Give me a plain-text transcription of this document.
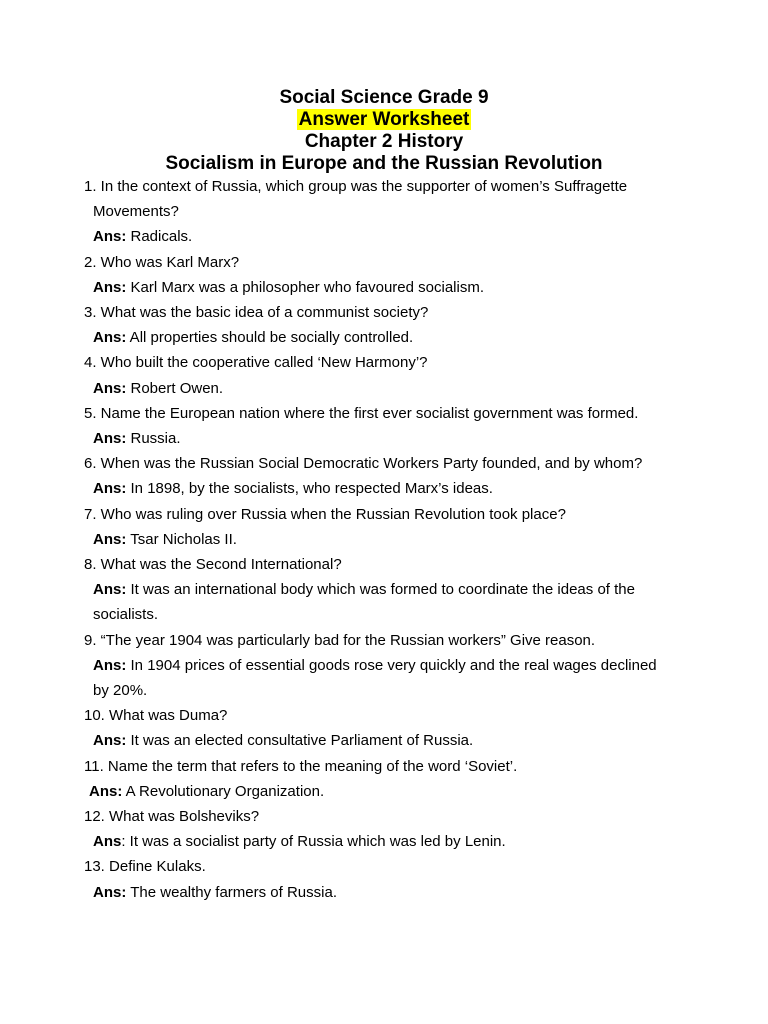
Social Science Grade 9
Answer Worksheet
Chapter 2 History
Socialism in Europe and the Russian Revolution
1. In the context of Russia, which group was the supporter of women’s Suffragette
Movements?
Ans: Radicals.
2. Who was Karl Marx?
Ans: Karl Marx was a philosopher who favoured socialism.
3. What was the basic idea of a communist society?
Ans: All properties should be socially controlled.
4. Who built the cooperative called ‘New Harmony’?
Ans: Robert Owen.
5. Name the European nation where the first ever socialist government was formed.
Ans: Russia.
6. When was the Russian Social Democratic Workers Party founded, and by whom?
Ans: In 1898, by the socialists, who respected Marx’s ideas.
7. Who was ruling over Russia when the Russian Revolution took place?
Ans: Tsar Nicholas II.
8. What was the Second International?
Ans: It was an international body which was formed to coordinate the ideas of the
socialists.
9. “The year 1904 was particularly bad for the Russian workers” Give reason.
Ans: In 1904 prices of essential goods rose very quickly and the real wages declined
by 20%.
10. What was Duma?
Ans: It was an elected consultative Parliament of Russia.
11. Name the term that refers to the meaning of the word ‘Soviet’.
Ans: A Revolutionary Organization.
12. What was Bolsheviks?
Ans: It was a socialist party of Russia which was led by Lenin.
13. Define Kulaks.
Ans: The wealthy farmers of Russia.
